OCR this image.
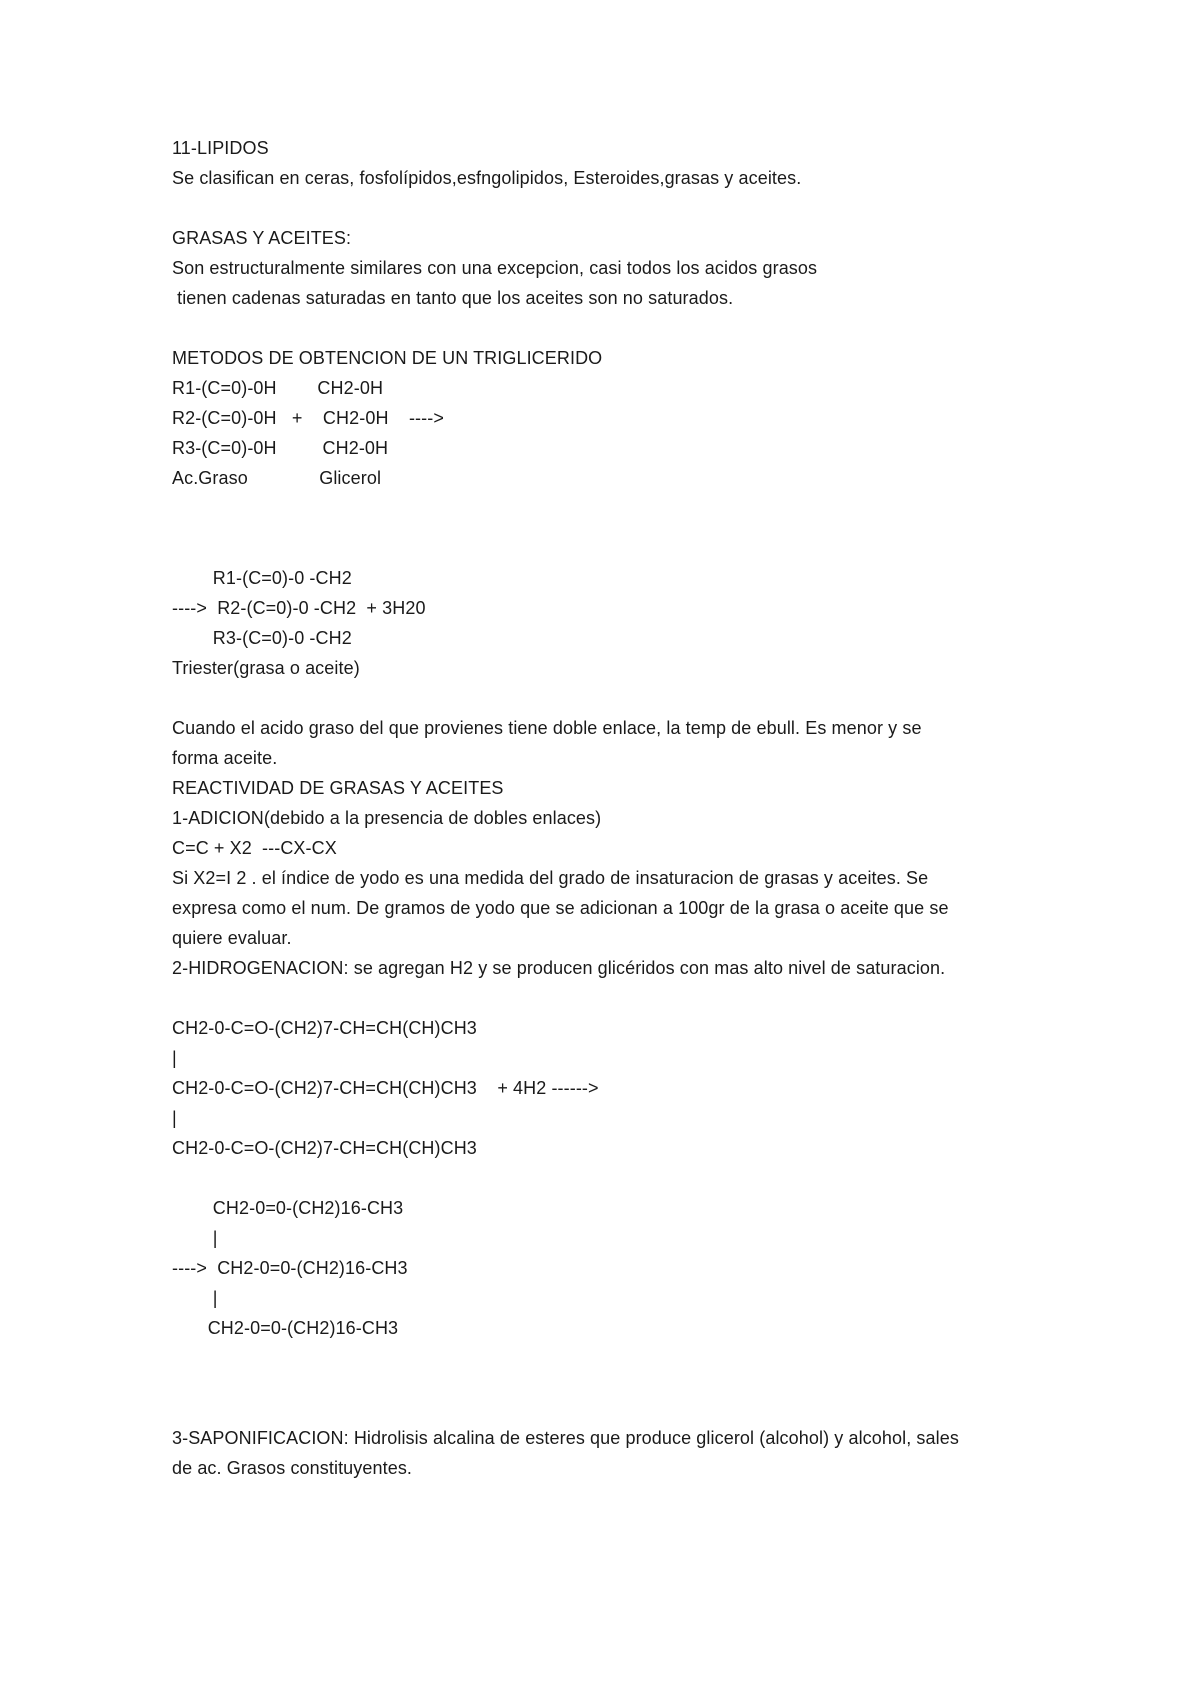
11-LIPIDOS
Se clasifican en ceras, fosfolípidos,esfngolipidos, Esteroides,grasas y aceites.
GRASAS Y ACEITES:
Son estructuralmente similares con una excepcion, casi todos los acidos grasos
tienen cadenas saturadas en tanto que los aceites son no saturados.
METODOS DE OBTENCION DE UN TRIGLICERIDO
R1-(C=0)-0H        CH2-0H
R2-(C=0)-0H   +    CH2-0H    ---->
R3-(C=0)-0H         CH2-0H
Ac.Graso              Glicerol
R1-(C=0)-0 -CH2
---->  R2-(C=0)-0 -CH2  + 3H20
R3-(C=0)-0 -CH2
Triester(grasa o aceite)
Cuando el acido graso del que provienes tiene doble enlace, la temp de ebull. Es menor y se
forma aceite.
REACTIVIDAD DE GRASAS Y ACEITES
1-ADICION(debido a la presencia de dobles enlaces)
C=C + X2  ---CX-CX
Si X2=I 2 . el índice de yodo es una medida del grado de insaturacion de grasas y aceites. Se
expresa como el num. De gramos de yodo que se adicionan a 100gr de la grasa o aceite que se
quiere evaluar.
2-HIDROGENACION: se agregan H2 y se producen glicéridos con mas alto nivel de saturacion.
CH2-0-C=O-(CH2)7-CH=CH(CH)CH3
|
CH2-0-C=O-(CH2)7-CH=CH(CH)CH3    + 4H2 ------>
|
CH2-0-C=O-(CH2)7-CH=CH(CH)CH3
CH2-0=0-(CH2)16-CH3
|
---->  CH2-0=0-(CH2)16-CH3
|
CH2-0=0-(CH2)16-CH3
3-SAPONIFICACION: Hidrolisis alcalina de esteres que produce glicerol (alcohol) y alcohol, sales
de ac. Grasos constituyentes.
